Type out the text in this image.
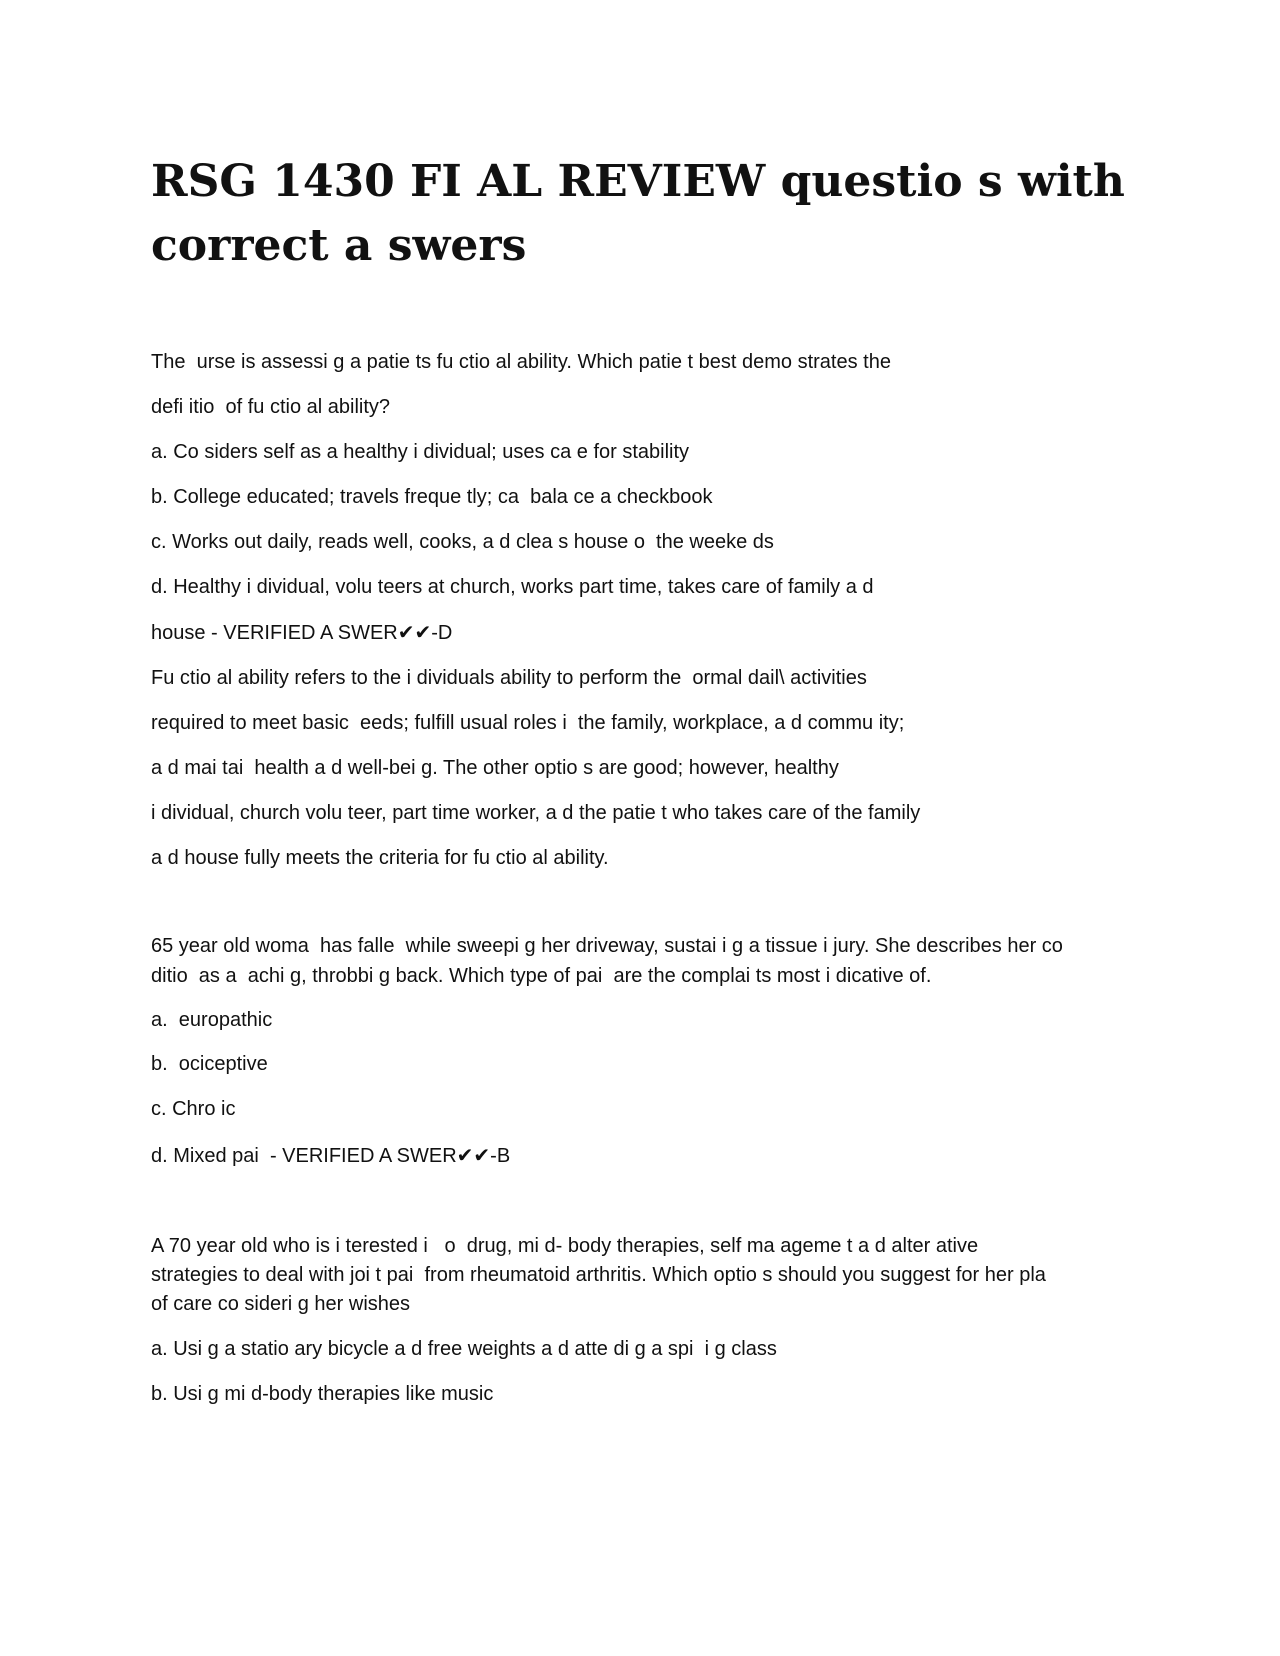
RSG 1430 FI AL REVIEW questio s with correct a swers

The  urse is assessi g a patie ts fu ctio al ability. Which patie t best demo strates the

defi itio  of fu ctio al ability?

a. Co siders self as a healthy i dividual; uses ca e for stability

b. College educated; travels freque tly; ca  bala ce a checkbook

c. Works out daily, reads well, cooks, a d clea s house o  the weeke ds

d. Healthy i dividual, volu teers at church, works part time, takes care of family a d

house - VERIFIED A SWER✔✔-D

Fu ctio al ability refers to the i dividuals ability to perform the  ormal dail\ activities

required to meet basic  eeds; fulfill usual roles i  the family, workplace, a d commu ity;

a d mai tai  health a d well-bei g. The other optio s are good; however, healthy

i dividual, church volu teer, part time worker, a d the patie t who takes care of the family

a d house fully meets the criteria for fu ctio al ability.

65 year old woma  has falle  while sweepi g her driveway, sustai i g a tissue i jury. She describes her co

ditio  as a  achi g, throbbi g back. Which type of pai  are the complai ts most i dicative of.

a.  europathic

b.  ociceptive

c. Chro ic

d. Mixed pai  - VERIFIED A SWER✔✔-B

A 70 year old who is i terested i   o  drug, mi d- body therapies, self ma ageme t a d alter ative

strategies to deal with joi t pai  from rheumatoid arthritis. Which optio s should you suggest for her pla

of care co sideri g her wishes

a. Usi g a statio ary bicycle a d free weights a d atte di g a spi  i g class

b. Usi g mi d-body therapies like music
